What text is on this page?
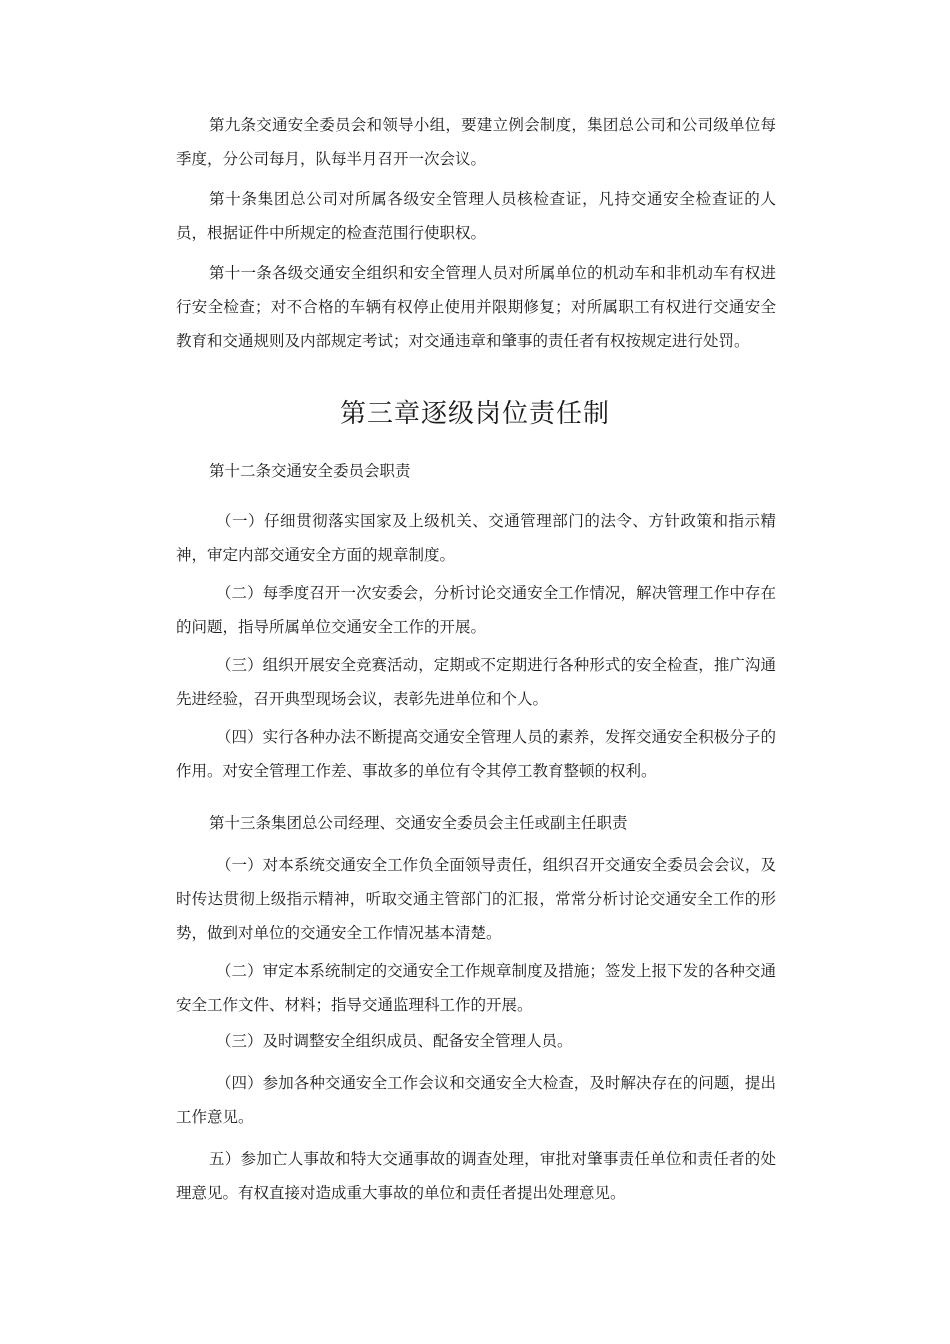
第九条交通安全委员会和领导小组，要建立例会制度，集团总公司和公司级单位每季度，分公司每月，队每半月召开一次会议。

第十条集团总公司对所属各级安全管理人员核检查证，凡持交通安全检查证的人员，根据证件中所规定的检查范围行使职权。

第十一条各级交通安全组织和安全管理人员对所属单位的机动车和非机动车有权进行安全检查；对不合格的车辆有权停止使用并限期修复；对所属职工有权进行交通安全教育和交通规则及内部规定考试；对交通违章和肇事的责任者有权按规定进行处罚。

第三章逐级岗位责任制

第十二条交通安全委员会职责

（一）仔细贯彻落实国家及上级机关、交通管理部门的法令、方针政策和指示精神，审定内部交通安全方面的规章制度。

（二）每季度召开一次安委会，分析讨论交通安全工作情况，解决管理工作中存在的问题，指导所属单位交通安全工作的开展。

（三）组织开展安全竞赛活动，定期或不定期进行各种形式的安全检查，推广沟通先进经验，召开典型现场会议，表彰先进单位和个人。

（四）实行各种办法不断提高交通安全管理人员的素养，发挥交通安全积极分子的作用。对安全管理工作差、事故多的单位有令其停工教育整顿的权利。

第十三条集团总公司经理、交通安全委员会主任或副主任职责

（一）对本系统交通安全工作负全面领导责任，组织召开交通安全委员会会议，及时传达贯彻上级指示精神，听取交通主管部门的汇报，常常分析讨论交通安全工作的形势，做到对单位的交通安全工作情况基本清楚。

（二）审定本系统制定的交通安全工作规章制度及措施；签发上报下发的各种交通安全工作文件、材料；指导交通监理科工作的开展。

（三）及时调整安全组织成员、配备安全管理人员。

（四）参加各种交通安全工作会议和交通安全大检查，及时解决存在的问题，提出工作意见。

五）参加亡人事故和特大交通事故的调查处理，审批对肇事责任单位和责任者的处理意见。有权直接对造成重大事故的单位和责任者提出处理意见。
